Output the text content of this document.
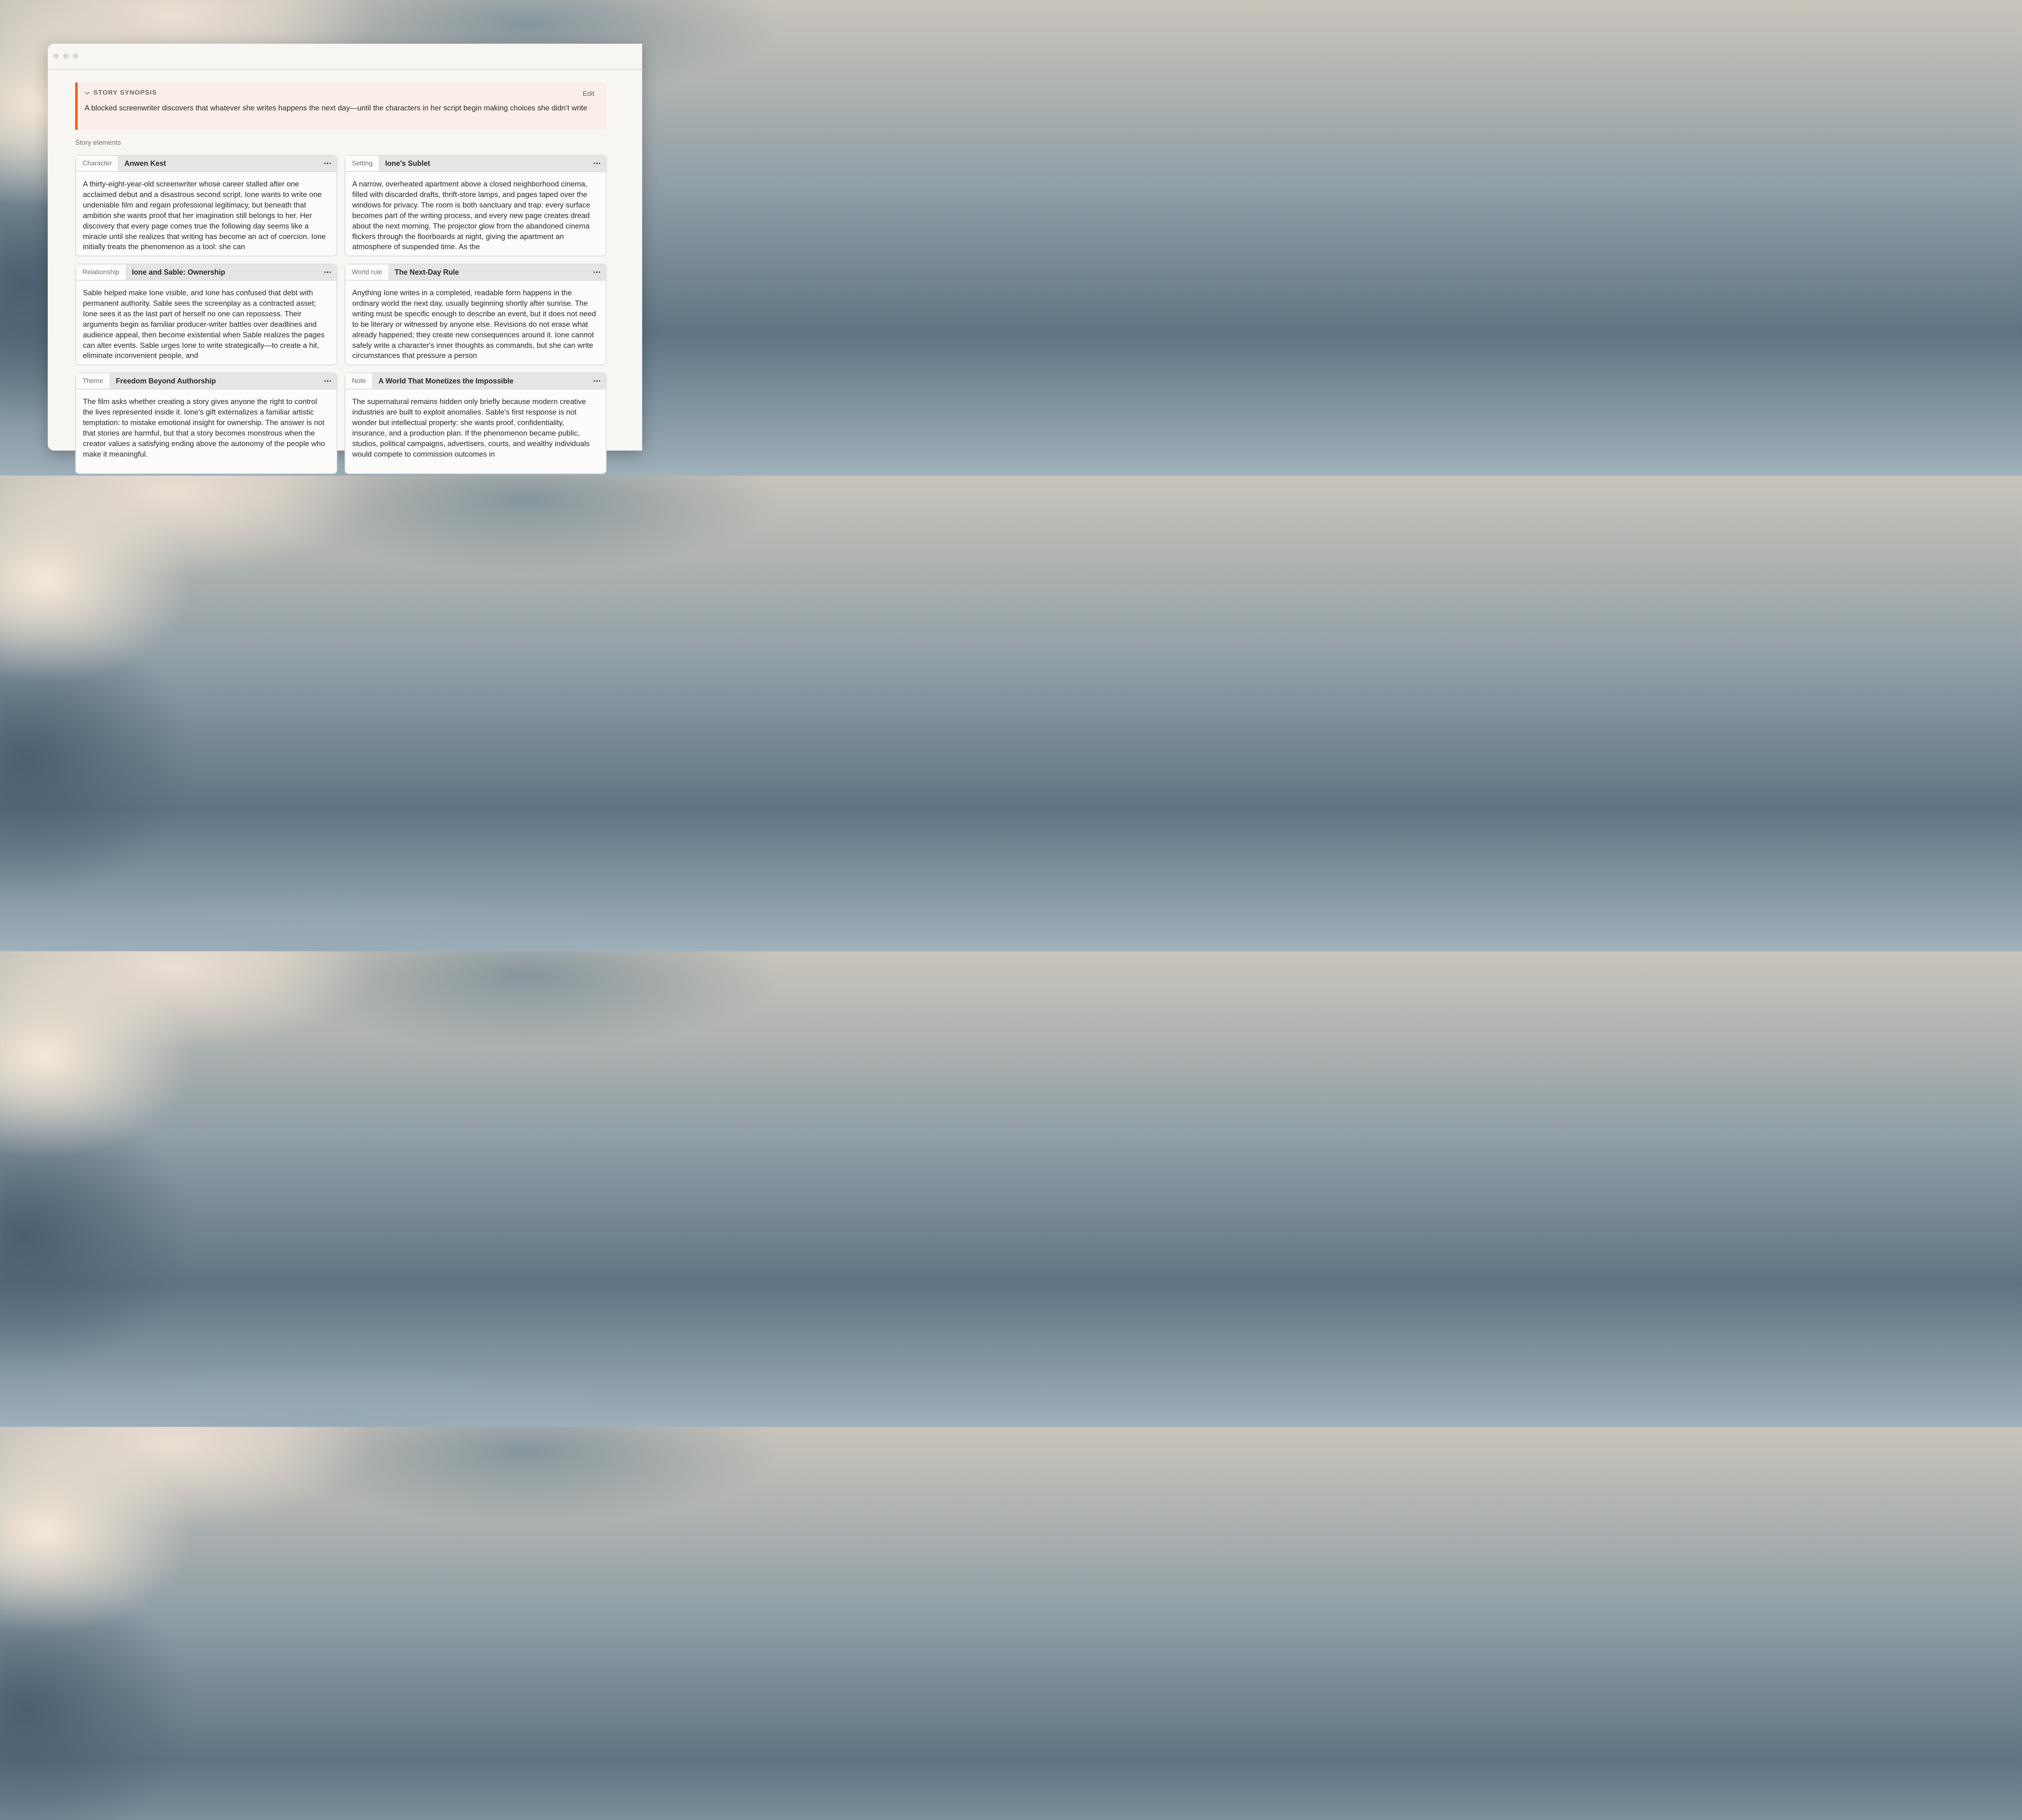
STORY SYNOPSIS	Edit
A blocked screenwriter discovers that whatever she writes happens the next day—until the characters in her script begin making choices she didn’t write
Story elements
Character	Anwen Kest
A thirty-eight-year-old screenwriter whose career stalled after one acclaimed debut and a disastrous second script. Ione wants to write one undeniable film and regain professional legitimacy, but beneath that ambition she wants proof that her imagination still belongs to her. Her discovery that every page comes true the following day seems like a miracle until she realizes that writing has become an act of coercion. Ione initially treats the phenomenon as a tool: she can
Setting	Ione's Sublet
A narrow, overheated apartment above a closed neighborhood cinema, filled with discarded drafts, thrift-store lamps, and pages taped over the windows for privacy. The room is both sanctuary and trap: every surface becomes part of the writing process, and every new page creates dread about the next morning. The projector glow from the abandoned cinema flickers through the floorboards at night, giving the apartment an atmosphere of suspended time. As the
Relationship	Ione and Sable: Ownership
Sable helped make Ione visible, and Ione has confused that debt with permanent authority. Sable sees the screenplay as a contracted asset; Ione sees it as the last part of herself no one can repossess. Their arguments begin as familiar producer-writer battles over deadlines and audience appeal, then become existential when Sable realizes the pages can alter events. Sable urges Ione to write strategically—to create a hit, eliminate inconvenient people, and
World rule	The Next-Day Rule
Anything Ione writes in a completed, readable form happens in the ordinary world the next day, usually beginning shortly after sunrise. The writing must be specific enough to describe an event, but it does not need to be literary or witnessed by anyone else. Revisions do not erase what already happened; they create new consequences around it. Ione cannot safely write a character's inner thoughts as commands, but she can write circumstances that pressure a person
Theme	Freedom Beyond Authorship
The film asks whether creating a story gives anyone the right to control the lives represented inside it. Ione's gift externalizes a familiar artistic temptation: to mistake emotional insight for ownership. The answer is not that stories are harmful, but that a story becomes monstrous when the creator values a satisfying ending above the autonomy of the people who make it meaningful.
Note	A World That Monetizes the Impossible
The supernatural remains hidden only briefly because modern creative industries are built to exploit anomalies. Sable's first response is not wonder but intellectual property: she wants proof, confidentiality, insurance, and a production plan. If the phenomenon became public, studios, political campaigns, advertisers, courts, and wealthy individuals would compete to commission outcomes in
